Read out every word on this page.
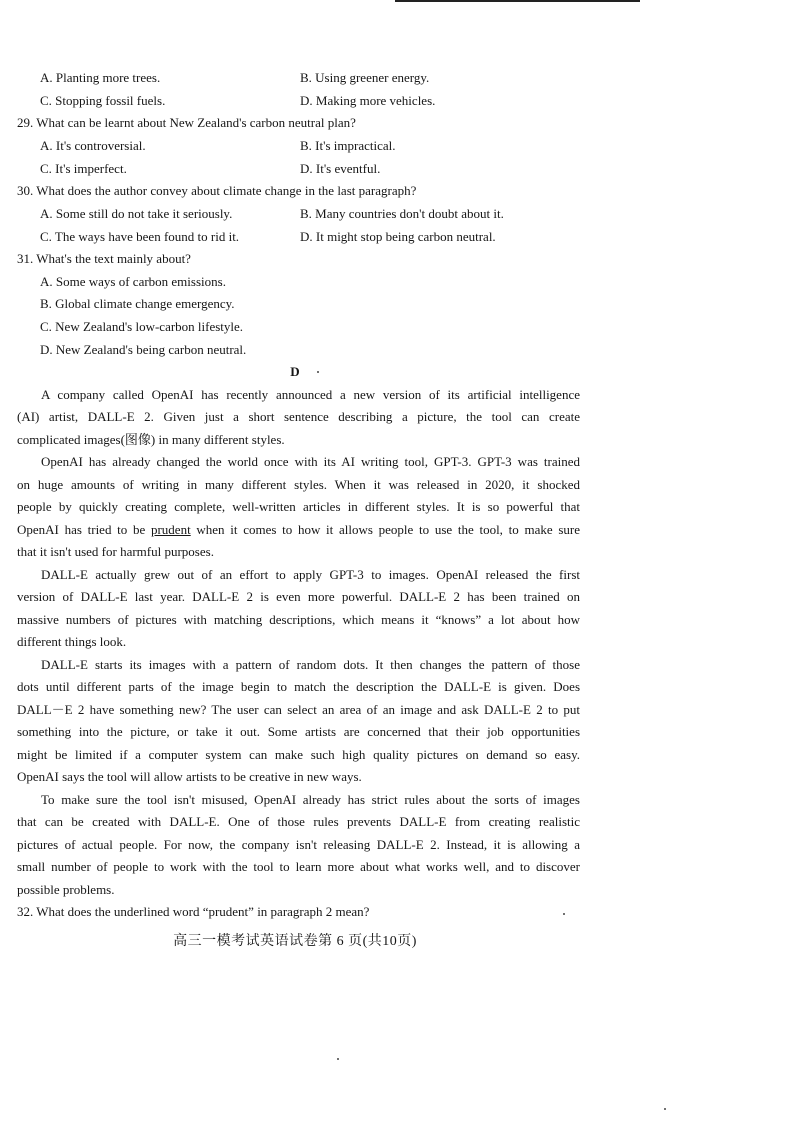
A. Planting more trees.	B. Using greener energy.
C. Stopping fossil fuels.	D. Making more vehicles.
29. What can be learnt about New Zealand's carbon neutral plan?
A. It's controversial.	B. It's impractical.
C. It's imperfect.	D. It's eventful.
30. What does the author convey about climate change in the last paragraph?
A. Some still do not take it seriously.	B. Many countries don't doubt about it.
C. The ways have been found to rid it.	D. It might stop being carbon neutral.
31. What's the text mainly about?
A. Some ways of carbon emissions.
B. Global climate change emergency.
C. New Zealand's low-carbon lifestyle.
D. New Zealand's being carbon neutral.
D
A company called OpenAI has recently announced a new version of its artificial intelligence
(AI) artist, DALL-E 2. Given just a short sentence describing a picture, the tool can create
complicated images(图像) in many different styles.
OpenAI has already changed the world once with its AI writing tool, GPT-3. GPT-3 was trained
on huge amounts of writing in many different styles. When it was released in 2020, it shocked
people by quickly creating complete, well-written articles in different styles. It is so powerful that
OpenAI has tried to be prudent when it comes to how it allows people to use the tool, to make sure
that it isn't used for harmful purposes.
DALL-E actually grew out of an effort to apply GPT-3 to images. OpenAI released the first
version of DALL-E last year. DALL-E 2 is even more powerful. DALL-E 2 has been trained on
massive numbers of pictures with matching descriptions, which means it “knows” a lot about how
different things look.
DALL-E starts its images with a pattern of random dots. It then changes the pattern of those
dots until different parts of the image begin to match the description the DALL-E is given. Does
DALL－E 2 have something new? The user can select an area of an image and ask DALL-E 2 to put
something into the picture, or take it out. Some artists are concerned that their job opportunities
might be limited if a computer system can make such high quality pictures on demand so easy.
OpenAI says the tool will allow artists to be creative in new ways.
To make sure the tool isn't misused, OpenAI already has strict rules about the sorts of images
that can be created with DALL-E. One of those rules prevents DALL-E from creating realistic
pictures of actual people. For now, the company isn't releasing DALL-E 2. Instead, it is allowing a
small number of people to work with the tool to learn more about what works well, and to discover
possible problems.
32. What does the underlined word “prudent” in paragraph 2 mean?
高三一模考试英语试卷第 6 页(共10页)
